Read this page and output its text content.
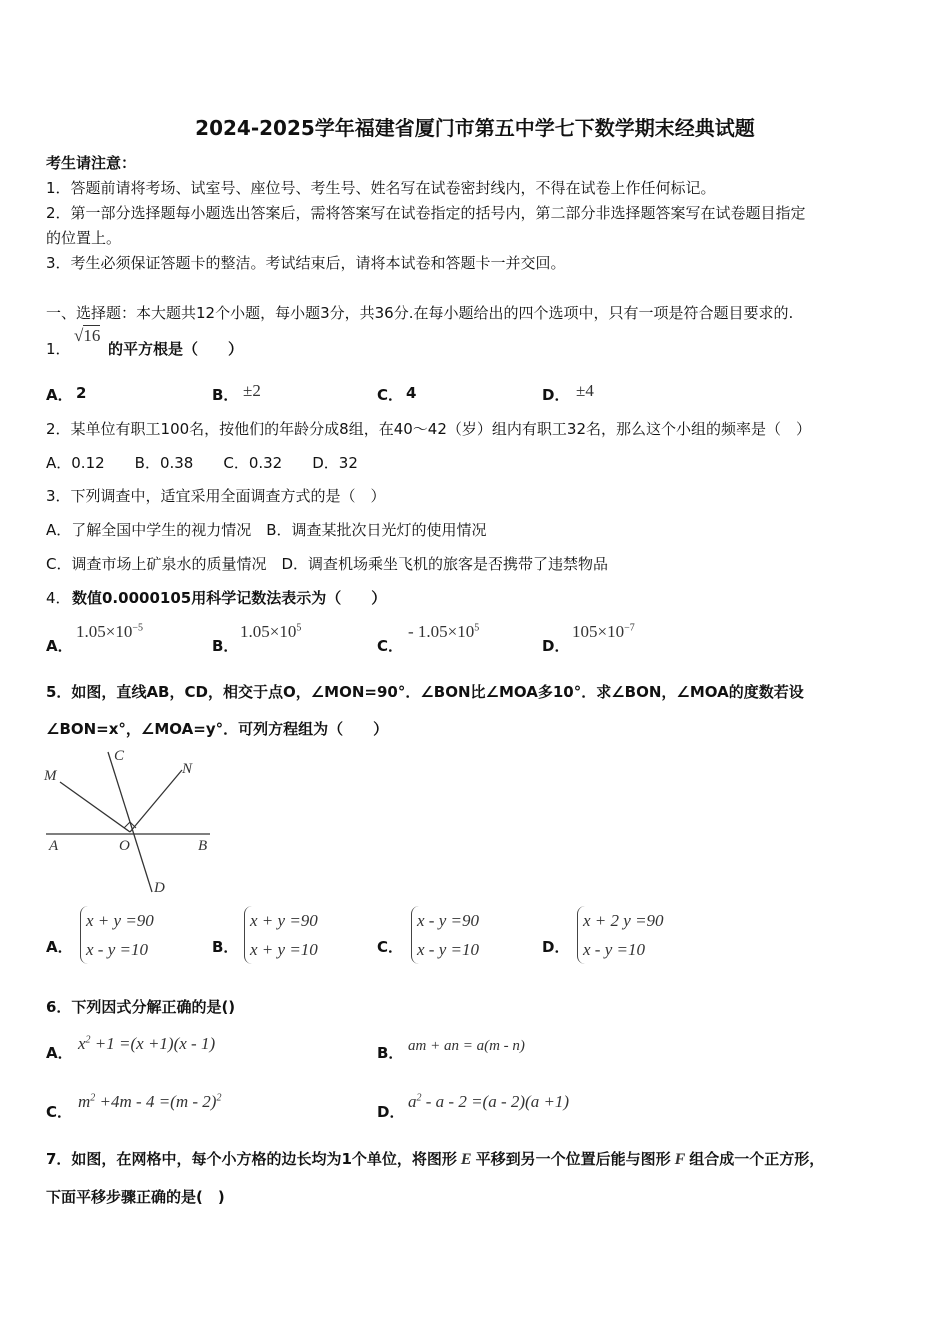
2024-2025学年福建省厦门市第五中学七下数学期末经典试题
考生请注意：
1．答题前请将考场、试室号、座位号、考生号、姓名写在试卷密封线内，不得在试卷上作任何标记。
2．第一部分选择题每小题选出答案后，需将答案写在试卷指定的括号内，第二部分非选择题答案写在试卷题目指定
的位置上。
3．考生必须保证答题卡的整洁。考试结束后，请将本试卷和答题卡一并交回。
一、选择题：本大题共12个小题，每小题3分，共36分.在每小题给出的四个选项中，只有一项是符合题目要求的.
1．
√16
的平方根是（　　）
A． 2	B． ±2	C． 4	D． ±4
2．某单位有职工100名，按他们的年龄分成8组，在40～42（岁）组内有职工32名，那么这个小组的频率是（　）
A．0.12　　B．0.38　　C．0.32　　D．32
3．下列调查中，适宜采用全面调查方式的是（　）
A．了解全国中学生的视力情况　B．调查某批次日光灯的使用情况
C．调查市场上矿泉水的质量情况　D．调查机场乘坐飞机的旅客是否携带了违禁物品
4． 数值0.0000105用科学记数法表示为（　　）
A．
$1.05\times 10^{-5}$
B．
$1.05\times 10^5$
C．
- $1.05\times 10^5$
D．
$105\times 10^{-7}$
5．如图，直线AB，CD，相交于点O，∠MON=90°．∠BON比∠MOA多10°．求∠BON，∠MOA的度数若设
∠BON=x°，∠MOA=y°．可列方程组为（　　）
M
C
N
A	O	B
D
A．
x + y =90
x - y =10	B．
x + y =90
x + y =10	C．
x - y =90
x - y =10	D．
x + 2 y =90
x - y =10
6．下列因式分解正确的是()
A． $x^2 +1 =(x +1)(x - 1)$	B． am + an = a(m - n)
C．
$m^2 +4m - 4 =(m - 2)^2$
D．
$a^2 - a - 2 =(a - 2)(a +1)$
7．如图，在网格中，每个小方格的边长均为1个单位，将图形 E 平移到另一个位置后能与图形 F 组合成一个正方形，
下面平移步骤正确的是(　)
